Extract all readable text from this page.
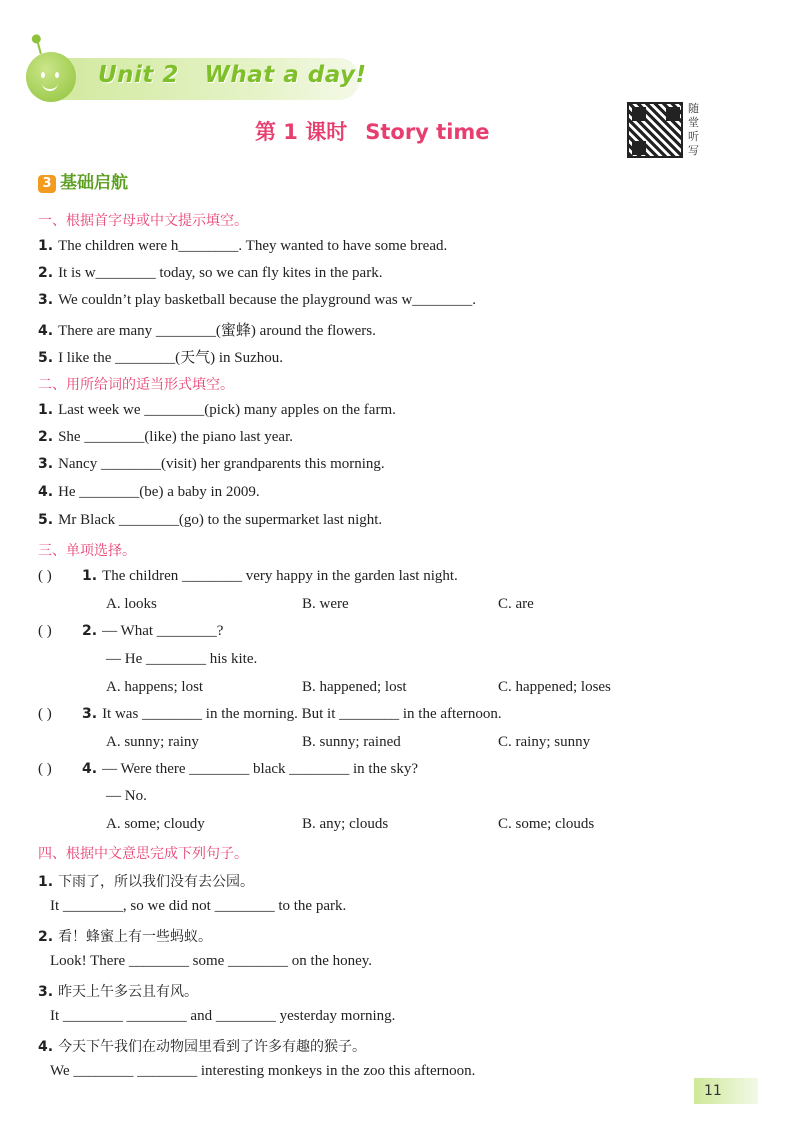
Unit 2   What a day!
第 1 课时 Story time
随堂听写
3 基础启航
一、根据首字母或中文提示填空。
1. The children were h________. They wanted to have some bread.
2. It is w________ today, so we can fly kites in the park.
3. We couldn’t play basketball because the playground was w________.
4. There are many ________(蜜蜂) around the flowers.
5. I like the ________(天气) in Suzhou.
二、用所给词的适当形式填空。
1. Last week we ________(pick) many apples on the farm.
2. She ________(like) the piano last year.
3. Nancy ________(visit) her grandparents this morning.
4. He ________(be) a baby in 2009.
5. Mr Black ________(go) to the supermarket last night.
三、单项选择。
( ) 1. The children ________ very happy in the garden last night.
A. looks	B. were	C. are
( ) 2. — What ________?
— He ________ his kite.
A. happens; lost	B. happened; lost	C. happened; loses
( ) 3. It was ________ in the morning. But it ________ in the afternoon.
A. sunny; rainy	B. sunny; rained	C. rainy; sunny
( ) 4. — Were there ________ black ________ in the sky?
— No.
A. some; cloudy	B. any; clouds	C. some; clouds
四、根据中文意思完成下列句子。
1. 下雨了，所以我们没有去公园。
It ________, so we did not ________ to the park.
2. 看！蜂蜜上有一些蚂蚁。
Look! There ________ some ________ on the honey.
3. 昨天上午多云且有风。
It ________ ________ and ________ yesterday morning.
4. 今天下午我们在动物园里看到了许多有趣的猴子。
We ________ ________ interesting monkeys in the zoo this afternoon.
11
